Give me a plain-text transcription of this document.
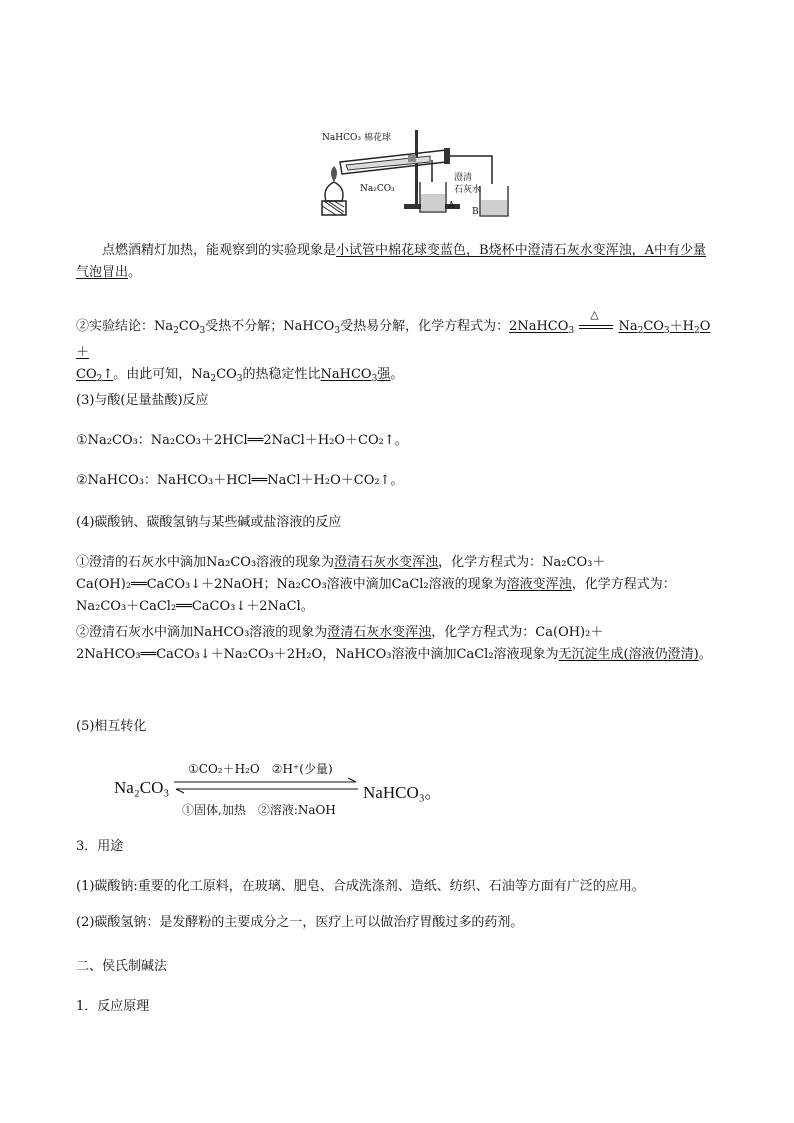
NaHCO₃ 棉花球
Na₂CO₃
澄清
石灰水
A
B

点燃酒精灯加热，能观察到的实验现象是小试管中棉花球变蓝色，B烧杯中澄清石灰水变浑浊，A中有少量气泡冒出。

②实验结论：$Na_2CO_3$受热不分解；NaHCO$_3$受热易分解，化学方程式为：2NaHCO$_3$
△
$Na_2CO_3+H_2O+$
$CO_2↑$。由此可知，$Na_2CO_3$的热稳定性比NaHCO$_3$强。

(3)与酸(足量盐酸)反应

①Na₂CO₃：Na₂CO₃＋2HCl══2NaCl＋H₂O＋CO₂↑。

②NaHCO₃：NaHCO₃＋HCl══NaCl＋H₂O＋CO₂↑。

(4)碳酸钠、碳酸氢钠与某些碱或盐溶液的反应

①澄清的石灰水中滴加Na₂CO₃溶液的现象为澄清石灰水变浑浊，化学方程式为：Na₂CO₃＋Ca(OH)₂══CaCO₃↓＋2NaOH；Na₂CO₃溶液中滴加CaCl₂溶液的现象为溶液变浑浊，化学方程式为：Na₂CO₃＋CaCl₂══CaCO₃↓＋2NaCl。

②澄清石灰水中滴加NaHCO₃溶液的现象为澄清石灰水变浑浊，化学方程式为：Ca(OH)₂＋2NaHCO₃══CaCO₃↓＋Na₂CO₃＋2H₂O，NaHCO₃溶液中滴加CaCl₂溶液现象为无沉淀生成(溶液仍澄清)。

(5)相互转化

Na₂CO₃
①CO₂＋H₂O　②H⁺(少量)
①固体,加热　②溶液:NaOH
NaHCO₃。

3．用途

(1)碳酸钠:重要的化工原料，在玻璃、肥皂、合成洗涤剂、造纸、纺织、石油等方面有广泛的应用。

(2)碳酸氢钠：是发酵粉的主要成分之一，医疗上可以做治疗胃酸过多的药剂。

二、侯氏制碱法

1．反应原理
